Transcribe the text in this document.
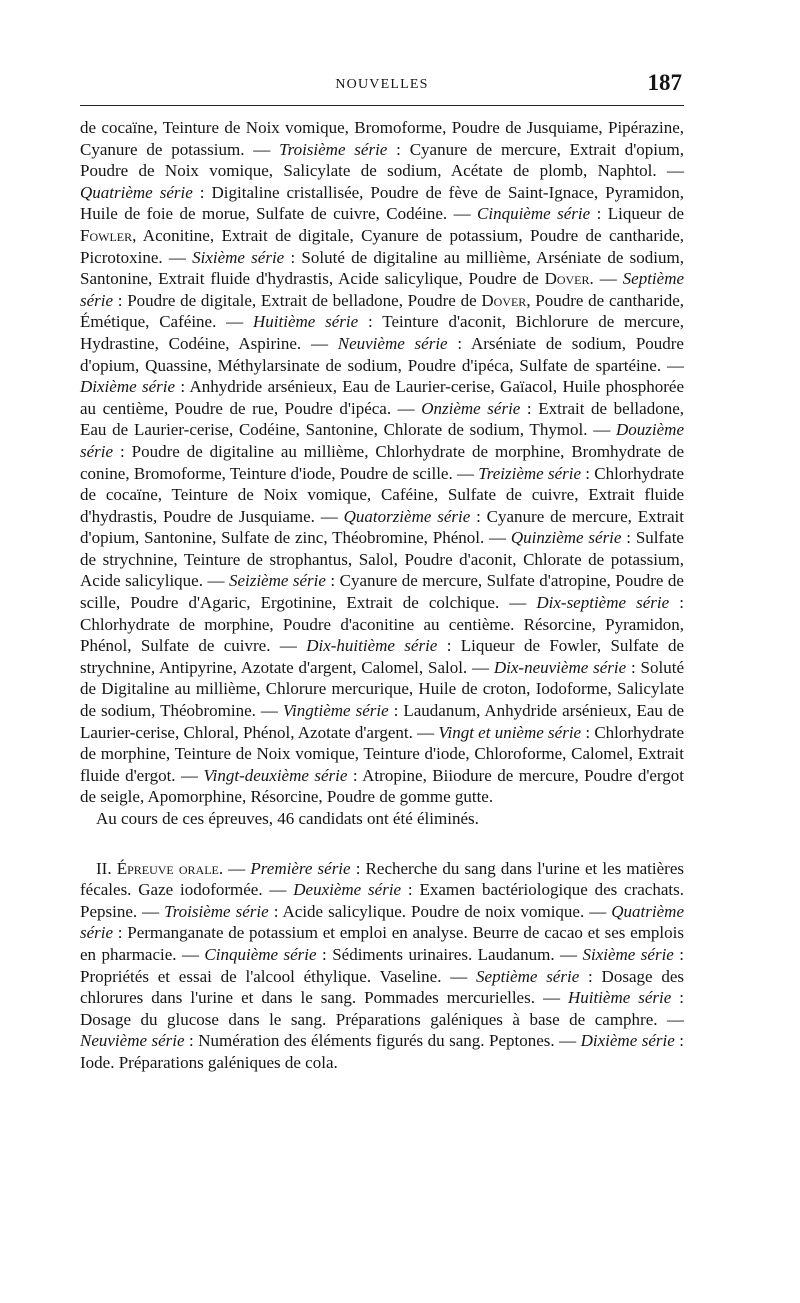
NOUVELLES	187

de cocaïne, Teinture de Noix vomique, Bromoforme, Poudre de Jusquiame, Pipérazine, Cyanure de potassium. — Troisième série : Cyanure de mercure, Extrait d'opium, Poudre de Noix vomique, Salicylate de sodium, Acétate de plomb, Naphtol. — Quatrième série : Digitaline cristallisée, Poudre de fève de Saint-Ignace, Pyramidon, Huile de foie de morue, Sulfate de cuivre, Codéine. — Cinquième série : Liqueur de Fowler, Aconitine, Extrait de digitale, Cyanure de potassium, Poudre de cantharide, Picrotoxine. — Sixième série : Soluté de digitaline au millième, Arséniate de sodium, Santonine, Extrait fluide d'hydrastis, Acide salicylique, Poudre de Dover. — Septième série : Poudre de digitale, Extrait de belladone, Poudre de Dover, Poudre de cantharide, Émétique, Caféine. — Huitième série : Teinture d'aconit, Bichlorure de mercure, Hydrastine, Codéine, Aspirine. — Neuvième série : Arséniate de sodium, Poudre d'opium, Quassine, Méthylarsinate de sodium, Poudre d'ipéca, Sulfate de spartéine. — Dixième série : Anhydride arsénieux, Eau de Laurier-cerise, Gaïacol, Huile phosphorée au centième, Poudre de rue, Poudre d'ipéca. — Onzième série : Extrait de belladone, Eau de Laurier-cerise, Codéine, Santonine, Chlorate de sodium, Thymol. — Douzième série : Poudre de digitaline au millième, Chlorhydrate de morphine, Bromhydrate de conine, Bromoforme, Teinture d'iode, Poudre de scille. — Treizième série : Chlorhydrate de cocaïne, Teinture de Noix vomique, Caféine, Sulfate de cuivre, Extrait fluide d'hydrastis, Poudre de Jusquiame. — Quatorzième série : Cyanure de mercure, Extrait d'opium, Santonine, Sulfate de zinc, Théobromine, Phénol. — Quinzième série : Sulfate de strychnine, Teinture de strophantus, Salol, Poudre d'aconit, Chlorate de potassium, Acide salicylique. — Seizième série : Cyanure de mercure, Sulfate d'atropine, Poudre de scille, Poudre d'Agaric, Ergotinine, Extrait de colchique. — Dix-septième série : Chlorhydrate de morphine, Poudre d'aconitine au centième. Résorcine, Pyramidon, Phénol, Sulfate de cuivre. — Dix-huitième série : Liqueur de Fowler, Sulfate de strychnine, Antipyrine, Azotate d'argent, Calomel, Salol. — Dix-neuvième série : Soluté de Digitaline au millième, Chlorure mercurique, Huile de croton, Iodoforme, Salicylate de sodium, Théobromine. — Vingtième série : Laudanum, Anhydride arsénieux, Eau de Laurier-cerise, Chloral, Phénol, Azotate d'argent. — Vingt et unième série : Chlorhydrate de morphine, Teinture de Noix vomique, Teinture d'iode, Chloroforme, Calomel, Extrait fluide d'ergot. — Vingt-deuxième série : Atropine, Biiodure de mercure, Poudre d'ergot de seigle, Apomorphine, Résorcine, Poudre de gomme gutte.

Au cours de ces épreuves, 46 candidats ont été éliminés.

II. Épreuve orale. — Première série : Recherche du sang dans l'urine et les matières fécales. Gaze iodoformée. — Deuxième série : Examen bactériologique des crachats. Pepsine. — Troisième série : Acide salicylique. Poudre de noix vomique. — Quatrième série : Permanganate de potassium et emploi en analyse. Beurre de cacao et ses emplois en pharmacie. — Cinquième série : Sédiments urinaires. Laudanum. — Sixième série : Propriétés et essai de l'alcool éthylique. Vaseline. — Septième série : Dosage des chlorures dans l'urine et dans le sang. Pommades mercurielles. — Huitième série : Dosage du glucose dans le sang. Préparations galéniques à base de camphre. — Neuvième série : Numération des éléments figurés du sang. Peptones. — Dixième série : Iode. Préparations galéniques de cola.
